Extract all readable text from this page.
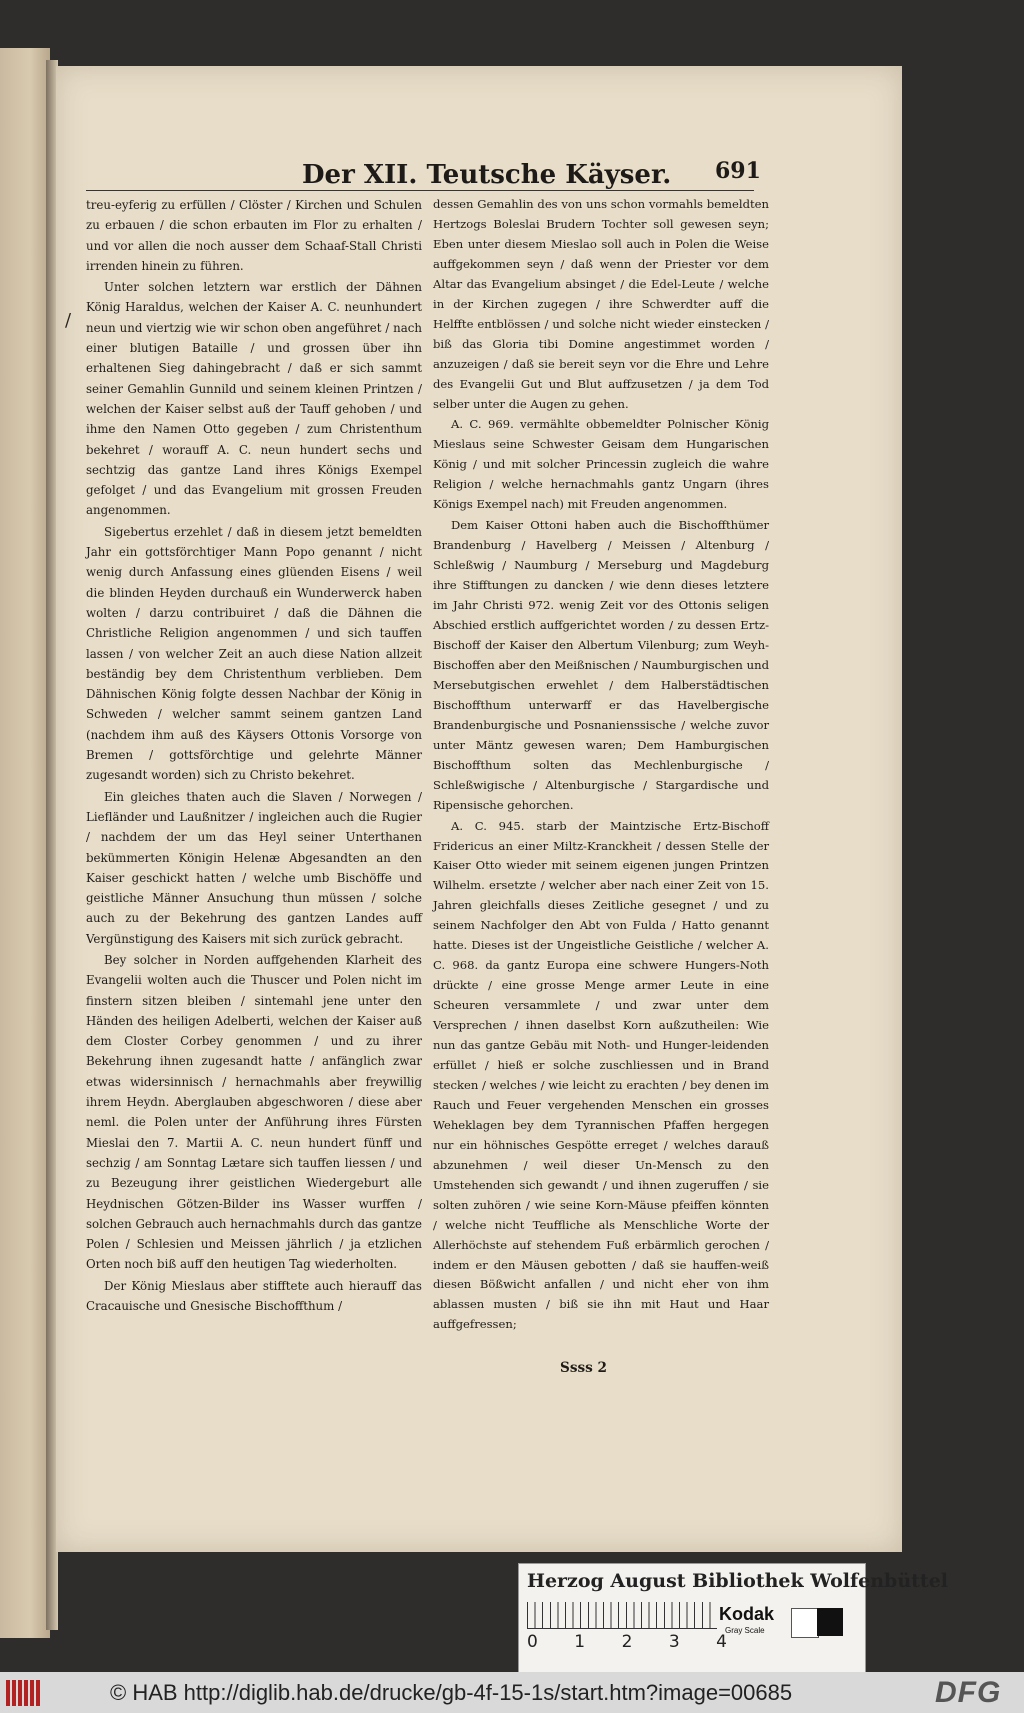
Der XII. Teutsche Käyser. 691
/

treu-eyferig zu erfüllen / Clöster / Kirchen und Schulen zu erbauen / die schon erbauten im Flor zu erhalten / und vor allen die noch ausser dem Schaaf-Stall Christi irrenden hinein zu führen.

Unter solchen letztern war erstlich der Dähnen König Haraldus, welchen der Kaiser A. C. neunhundert neun und viertzig wie wir schon oben angeführet / nach einer blutigen Bataille / und grossen über ihn erhaltenen Sieg dahingebracht / daß er sich sammt seiner Gemahlin Gunnild und seinem kleinen Printzen / welchen der Kaiser selbst auß der Tauff gehoben / und ihme den Namen Otto gegeben / zum Christenthum bekehret / worauff A. C. neun hundert sechs und sechtzig das gantze Land ihres Königs Exempel gefolget / und das Evangelium mit grossen Freuden angenommen.

Sigebertus erzehlet / daß in diesem jetzt bemeldten Jahr ein gottsförchtiger Mann Popo genannt / nicht wenig durch Anfassung eines glüenden Eisens / weil die blinden Heyden durchauß ein Wunderwerck haben wolten / darzu contribuiret / daß die Dähnen die Christliche Religion angenommen / und sich tauffen lassen / von welcher Zeit an auch diese Nation allzeit beständig bey dem Christenthum verblieben. Dem Dähnischen König folgte dessen Nachbar der König in Schweden / welcher sammt seinem gantzen Land (nachdem ihm auß des Käysers Ottonis Vorsorge von Bremen / gottsförchtige und gelehrte Männer zugesandt worden) sich zu Christo bekehret.

Ein gleiches thaten auch die Slaven / Norwegen / Liefländer und Laußnitzer / ingleichen auch die Rugier / nachdem der um das Heyl seiner Unterthanen bekümmerten Königin Helenæ Abgesandten an den Kaiser geschickt hatten / welche umb Bischöffe und geistliche Männer Ansuchung thun müssen / solche auch zu der Bekehrung des gantzen Landes auff Vergünstigung des Kaisers mit sich zurück gebracht.

Bey solcher in Norden auffgehenden Klarheit des Evangelii wolten auch die Thuscer und Polen nicht im finstern sitzen bleiben / sintemahl jene unter den Händen des heiligen Adelberti, welchen der Kaiser auß dem Closter Corbey genommen / und zu ihrer Bekehrung ihnen zugesandt hatte / anfänglich zwar etwas widersinnisch / hernachmahls aber freywillig ihrem Heydn. Aberglauben abgeschworen / diese aber neml. die Polen unter der Anführung ihres Fürsten Mieslai den 7. Martii A. C. neun hundert fünff und sechzig / am Sonntag Lætare sich tauffen liessen / und zu Bezeugung ihrer geistlichen Wiedergeburt alle Heydnischen Götzen-Bilder ins Wasser wurffen / solchen Gebrauch auch hernachmahls durch das gantze Polen / Schlesien und Meissen jährlich / ja etzlichen Orten noch biß auff den heutigen Tag wiederholten.

Der König Mieslaus aber stifftete auch hierauff das Cracauische und Gnesische Bischoffthum /

dessen Gemahlin des von uns schon vormahls bemeldten Hertzogs Boleslai Brudern Tochter soll gewesen seyn; Eben unter diesem Mieslao soll auch in Polen die Weise auffgekommen seyn / daß wenn der Priester vor dem Altar das Evangelium absinget / die Edel-Leute / welche in der Kirchen zugegen / ihre Schwerdter auff die Helffte entblössen / und solche nicht wieder einstecken / biß das Gloria tibi Domine angestimmet worden / anzuzeigen / daß sie bereit seyn vor die Ehre und Lehre des Evangelii Gut und Blut auffzusetzen / ja dem Tod selber unter die Augen zu gehen.

A. C. 969. vermählte obbemeldter Polnischer König Mieslaus seine Schwester Geisam dem Hungarischen König / und mit solcher Princessin zugleich die wahre Religion / welche hernachmahls gantz Ungarn (ihres Königs Exempel nach) mit Freuden angenommen.

Dem Kaiser Ottoni haben auch die Bischoffthümer Brandenburg / Havelberg / Meissen / Altenburg / Schleßwig / Naumburg / Merseburg und Magdeburg ihre Stifftungen zu dancken / wie denn dieses letztere im Jahr Christi 972. wenig Zeit vor des Ottonis seligen Abschied erstlich auffgerichtet worden / zu dessen Ertz-Bischoff der Kaiser den Albertum Vilenburg; zum Weyh-Bischoffen aber den Meißnischen / Naumburgischen und Mersebutgischen erwehlet / dem Halberstädtischen Bischoffthum unterwarff er das Havelbergische Brandenburgische und Posnanienssische / welche zuvor unter Mäntz gewesen waren; Dem Hamburgischen Bischoffthum solten das Mechlenburgische / Schleßwigische / Altenburgische / Stargardische und Ripensische gehorchen.

A. C. 945. starb der Maintzische Ertz-Bischoff Fridericus an einer Miltz-Kranckheit / dessen Stelle der Kaiser Otto wieder mit seinem eigenen jungen Printzen Wilhelm. ersetzte / welcher aber nach einer Zeit von 15. Jahren gleichfalls dieses Zeitliche gesegnet / und zu seinem Nachfolger den Abt von Fulda / Hatto genannt hatte. Dieses ist der Ungeistliche Geistliche / welcher A. C. 968. da gantz Europa eine schwere Hungers-Noth drückte / eine grosse Menge armer Leute in eine Scheuren versammlete / und zwar unter dem Versprechen / ihnen daselbst Korn außzutheilen: Wie nun das gantze Gebäu mit Noth- und Hunger-leidenden erfüllet / hieß er solche zuschliessen und in Brand stecken / welches / wie leicht zu erachten / bey denen im Rauch und Feuer vergehenden Menschen ein grosses Weheklagen bey dem Tyrannischen Pfaffen hergegen nur ein höhnisches Gespötte erreget / welches darauß abzunehmen / weil dieser Un-Mensch zu den Umstehenden sich gewandt / und ihnen zugeruffen / sie solten zuhören / wie seine Korn-Mäuse pfeiffen könnten / welche nicht Teuffliche als Menschliche Worte der Allerhöchste auf stehendem Fuß erbärmlich gerochen / indem er den Mäusen gebotten / daß sie hauffen-weiß diesen Bößwicht anfallen / und nicht eher von ihm ablassen musten / biß sie ihn mit Haut und Haar auffgefressen;

Ssss 2
Herzog August Bibliothek Wolfenbüttel
0 1 2 3 4
Kodak
Gray Scale
© HAB http://diglib.hab.de/drucke/gb-4f-15-1s/start.htm?image=00685	DFG
